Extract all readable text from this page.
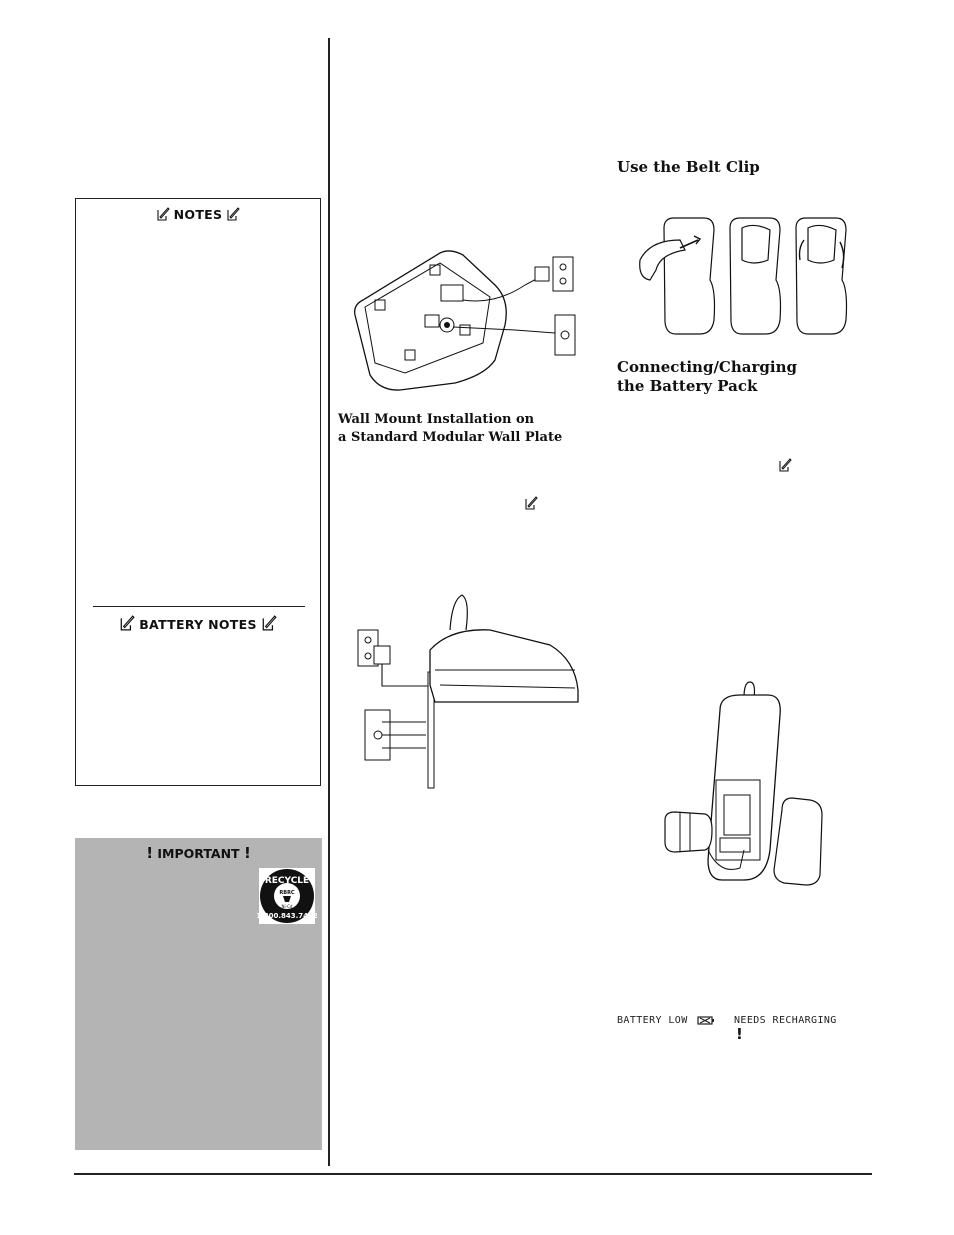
NOTES
BATTERY NOTES
! IMPORTANT !
RECYCLE
RBRC
Ni-Cd
1.800.843.7422
Wall Mount Installation on
a Standard Modular Wall Plate
Use the Belt Clip
Connecting/Charging
the Battery Pack
BATTERY LOW	NEEDS RECHARGING
!
